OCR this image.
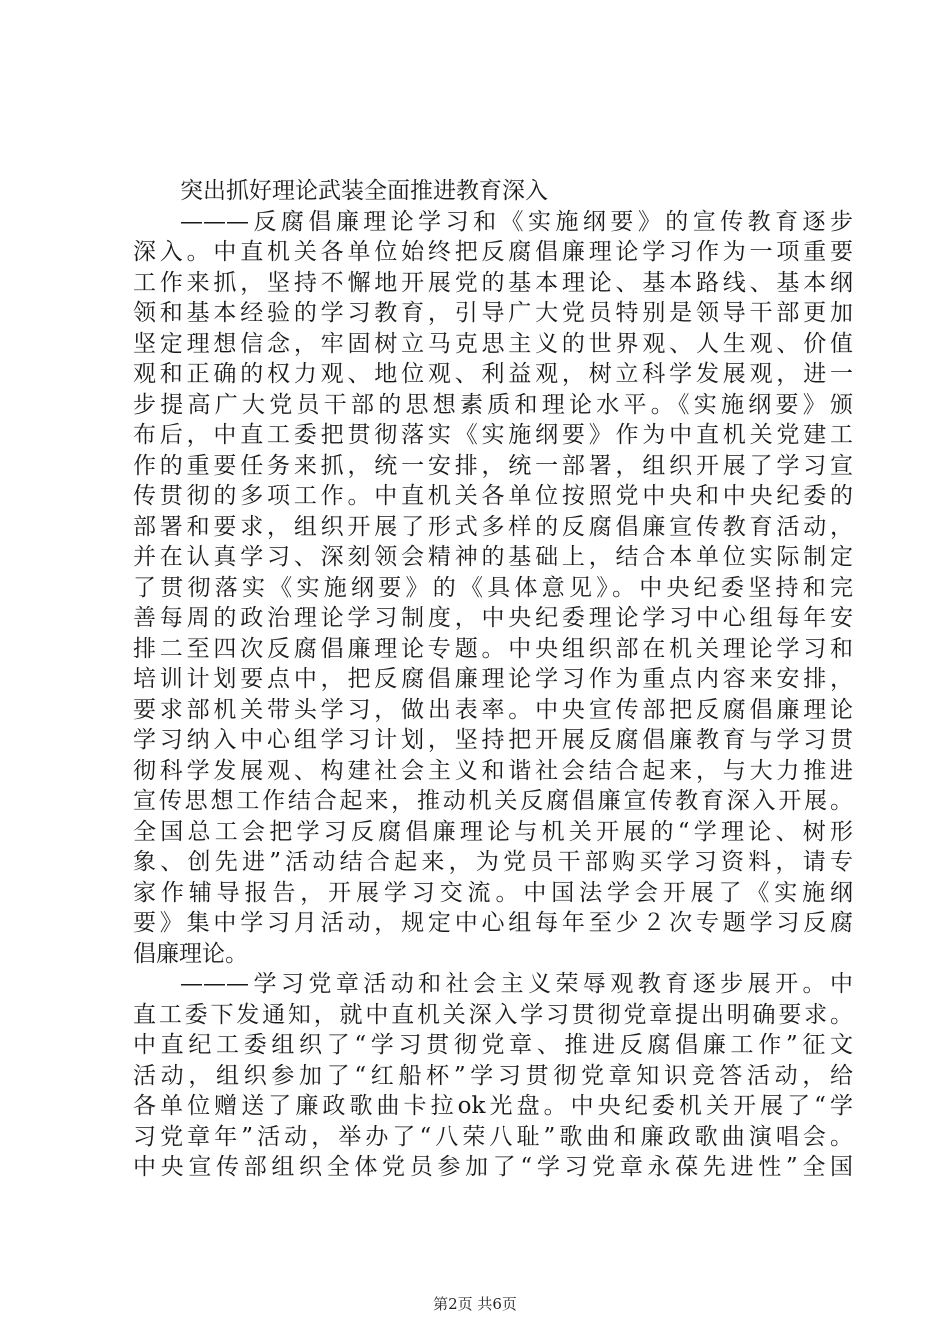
突出抓好理论武装全面推进教育深入
———反腐倡廉理论学习和《实施纲要》的宣传教育逐步
深入。中直机关各单位始终把反腐倡廉理论学习作为一项重要
工作来抓，坚持不懈地开展党的基本理论、基本路线、基本纲
领和基本经验的学习教育，引导广大党员特别是领导干部更加
坚定理想信念，牢固树立马克思主义的世界观、人生观、价值
观和正确的权力观、地位观、利益观，树立科学发展观，进一
步提高广大党员干部的思想素质和理论水平。《实施纲要》颁
布后，中直工委把贯彻落实《实施纲要》作为中直机关党建工
作的重要任务来抓，统一安排，统一部署，组织开展了学习宣
传贯彻的多项工作。中直机关各单位按照党中央和中央纪委的
部署和要求，组织开展了形式多样的反腐倡廉宣传教育活动，
并在认真学习、深刻领会精神的基础上，结合本单位实际制定
了贯彻落实《实施纲要》的《具体意见》。中央纪委坚持和完
善每周的政治理论学习制度，中央纪委理论学习中心组每年安
排二至四次反腐倡廉理论专题。中央组织部在机关理论学习和
培训计划要点中，把反腐倡廉理论学习作为重点内容来安排，
要求部机关带头学习，做出表率。中央宣传部把反腐倡廉理论
学习纳入中心组学习计划，坚持把开展反腐倡廉教育与学习贯
彻科学发展观、构建社会主义和谐社会结合起来，与大力推进
宣传思想工作结合起来，推动机关反腐倡廉宣传教育深入开展。
全国总工会把学习反腐倡廉理论与机关开展的“学理论、树形
象、创先进”活动结合起来，为党员干部购买学习资料，请专
家作辅导报告，开展学习交流。中国法学会开展了《实施纲
要》集中学习月活动，规定中心组每年至少２次专题学习反腐
倡廉理论。
———学习党章活动和社会主义荣辱观教育逐步展开。中
直工委下发通知，就中直机关深入学习贯彻党章提出明确要求。
中直纪工委组织了“学习贯彻党章、推进反腐倡廉工作”征文
活动，组织参加了“红船杯”学习贯彻党章知识竞答活动，给
各单位赠送了廉政歌曲卡拉ok光盘。中央纪委机关开展了“学
习党章年”活动，举办了“八荣八耻”歌曲和廉政歌曲演唱会。
中央宣传部组织全体党员参加了“学习党章永葆先进性”全国
第2页 共6页
